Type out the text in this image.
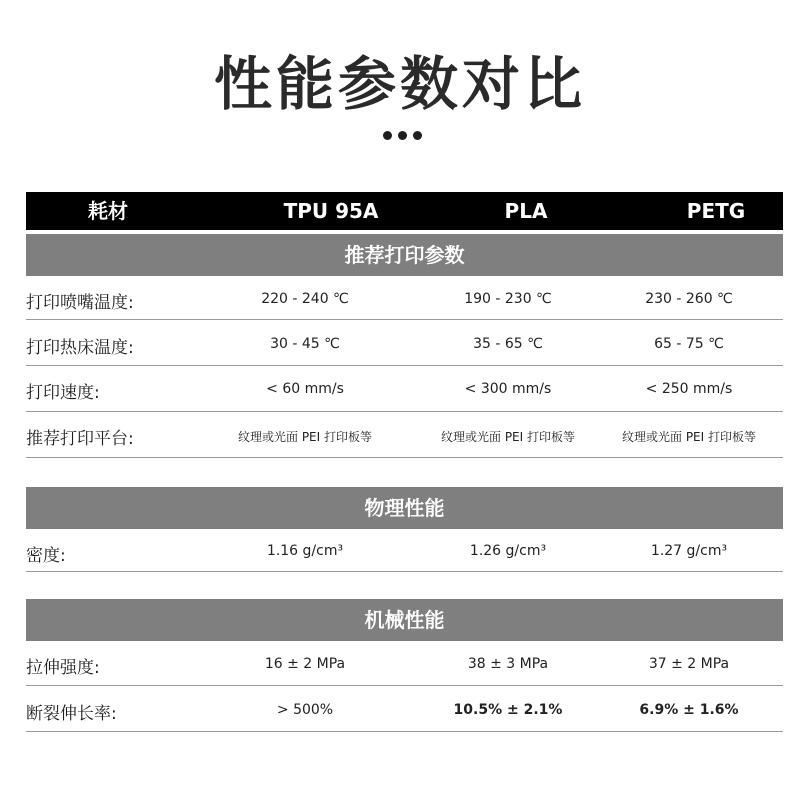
性能参数对比
耗材	TPU 95A	PLA	PETG
推荐打印参数
打印喷嘴温度:	220 - 240 ℃	190 - 230 ℃	230 - 260 ℃
打印热床温度:	30 - 45 ℃	35 - 65 ℃	65 - 75 ℃
打印速度:	< 60 mm/s	< 300 mm/s	< 250 mm/s
推荐打印平台:	纹理或光面 PEI 打印板等	纹理或光面 PEI 打印板等	纹理或光面 PEI 打印板等
物理性能
密度:	1.16 g/cm³	1.26 g/cm³	1.27 g/cm³
机械性能
拉伸强度:	16 ± 2 MPa	38 ± 3 MPa	37 ± 2 MPa
断裂伸长率:	> 500%	10.5% ± 2.1%	6.9% ± 1.6%
